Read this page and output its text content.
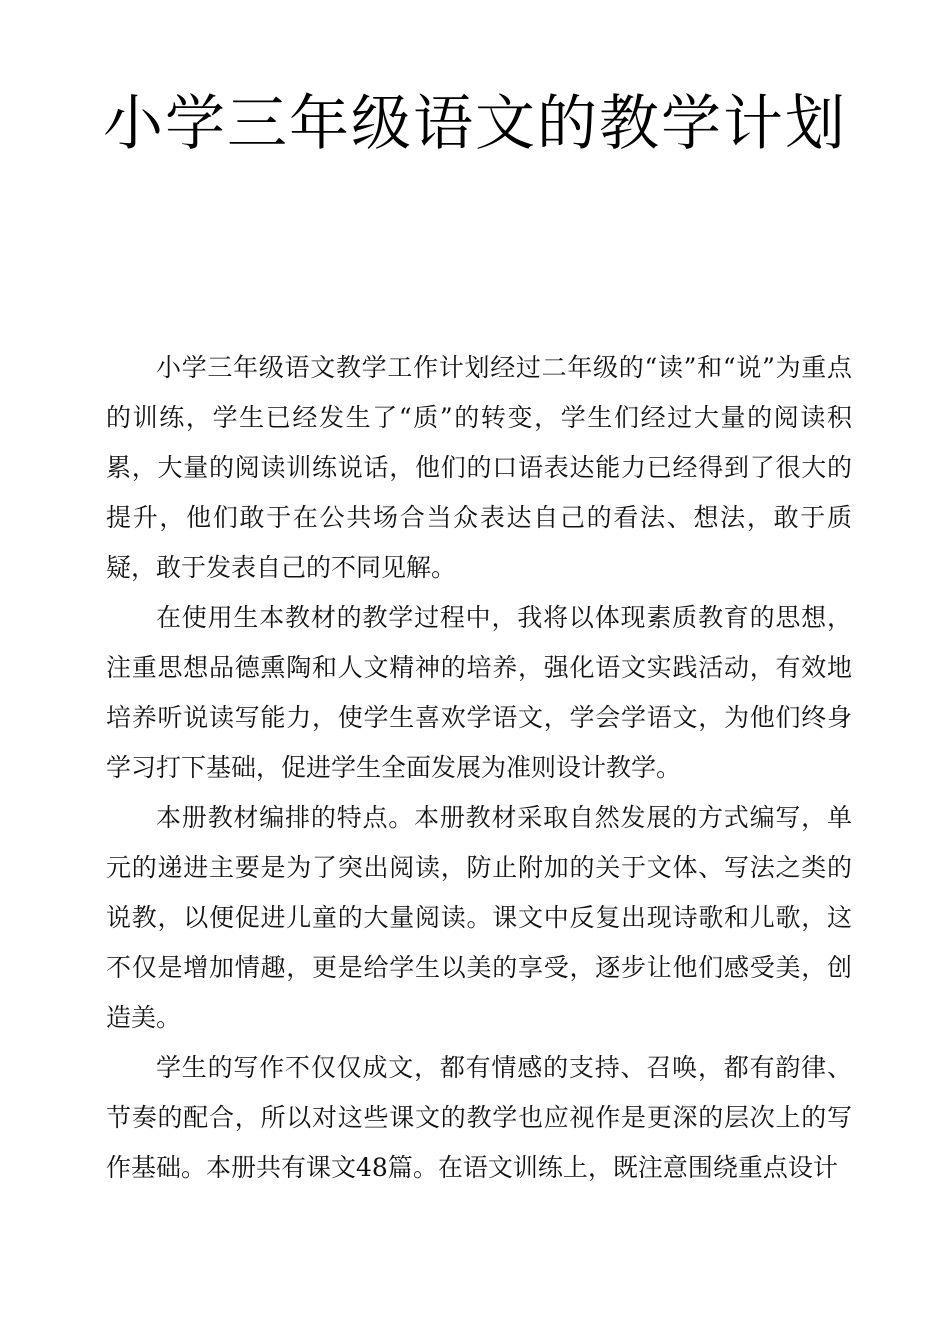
小学三年级语文的教学计划

小学三年级语文教学工作计划经过二年级的“读”和“说”为重点的训练，学生已经发生了“质”的转变，学生们经过大量的阅读积累，大量的阅读训练说话，他们的口语表达能力已经得到了很大的提升，他们敢于在公共场合当众表达自己的看法、想法，敢于质疑，敢于发表自己的不同见解。

在使用生本教材的教学过程中，我将以体现素质教育的思想，注重思想品德熏陶和人文精神的培养，强化语文实践活动，有效地培养听说读写能力，使学生喜欢学语文，学会学语文，为他们终身学习打下基础，促进学生全面发展为准则设计教学。

本册教材编排的特点。本册教材采取自然发展的方式编写，单元的递进主要是为了突出阅读，防止附加的关于文体、写法之类的说教，以便促进儿童的大量阅读。课文中反复出现诗歌和儿歌，这不仅是增加情趣，更是给学生以美的享受，逐步让他们感受美，创造美。

学生的写作不仅仅成文，都有情感的支持、召唤，都有韵律、节奏的配合，所以对这些课文的教学也应视作是更深的层次上的写作基础。本册共有课文48篇。在语文训练上，既注意围绕重点设计
